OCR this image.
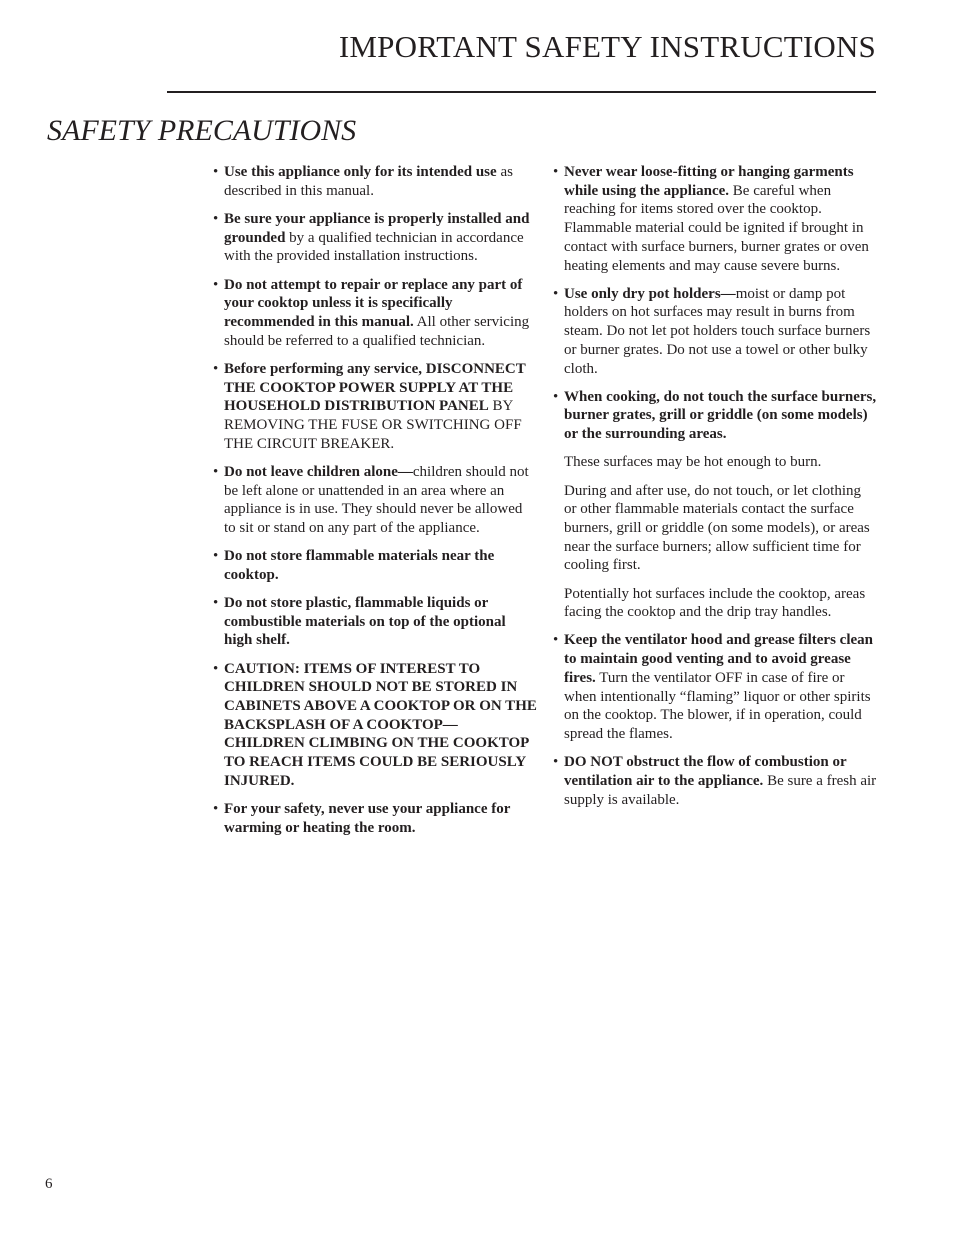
IMPORTANT SAFETY INSTRUCTIONS
SAFETY PRECAUTIONS
• Use this appliance only for its intended use as described in this manual.
• Be sure your appliance is properly installed and grounded by a qualified technician in accordance with the provided installation instructions.
• Do not attempt to repair or replace any part of your cooktop unless it is specifically recommended in this manual. All other servicing should be referred to a qualified technician.
• Before performing any service, DISCONNECT THE COOKTOP POWER SUPPLY AT THE HOUSEHOLD DISTRIBUTION PANEL BY REMOVING THE FUSE OR SWITCHING OFF THE CIRCUIT BREAKER.
• Do not leave children alone—children should not be left alone or unattended in an area where an appliance is in use. They should never be allowed to sit or stand on any part of the appliance.
• Do not store flammable materials near the cooktop.
• Do not store plastic, flammable liquids or combustible materials on top of the optional high shelf.
• CAUTION: ITEMS OF INTEREST TO CHILDREN SHOULD NOT BE STORED IN CABINETS ABOVE A COOKTOP OR ON THE BACKSPLASH OF A COOKTOP— CHILDREN CLIMBING ON THE COOKTOP TO REACH ITEMS COULD BE SERIOUSLY INJURED.
• For your safety, never use your appliance for warming or heating the room.
• Never wear loose-fitting or hanging garments while using the appliance. Be careful when reaching for items stored over the cooktop. Flammable material could be ignited if brought in contact with surface burners, burner grates or oven heating elements and may cause severe burns.
• Use only dry pot holders—moist or damp pot holders on hot surfaces may result in burns from steam. Do not let pot holders touch surface burners or burner grates. Do not use a towel or other bulky cloth.
• When cooking, do not touch the surface burners, burner grates, grill or griddle (on some models) or the surrounding areas.
These surfaces may be hot enough to burn.
During and after use, do not touch, or let clothing or other flammable materials contact the surface burners, grill or griddle (on some models), or areas near the surface burners; allow sufficient time for cooling first.
Potentially hot surfaces include the cooktop, areas facing the cooktop and the drip tray handles.
• Keep the ventilator hood and grease filters clean to maintain good venting and to avoid grease fires. Turn the ventilator OFF in case of fire or when intentionally “flaming” liquor or other spirits on the cooktop. The blower, if in operation, could spread the flames.
• DO NOT obstruct the flow of combustion or ventilation air to the appliance. Be sure a fresh air supply is available.
6
